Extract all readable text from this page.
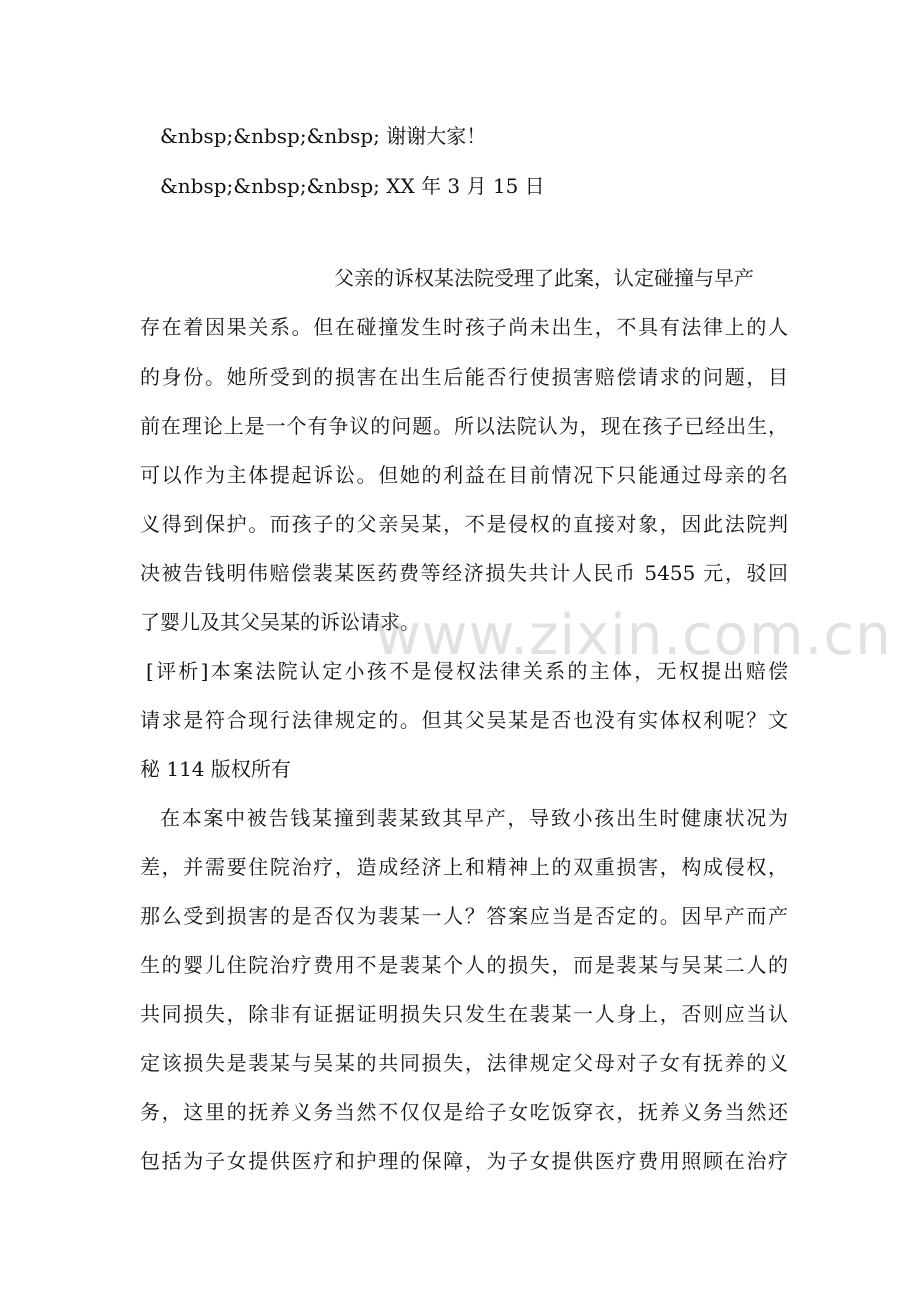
&nbsp;&nbsp;&nbsp; 谢谢大家！
&nbsp;&nbsp;&nbsp; XX 年 3 月 15 日
父亲的诉权某法院受理了此案，认定碰撞与早产
存在着因果关系。但在碰撞发生时孩子尚未出生，不具有法律上的人
的身份。她所受到的损害在出生后能否行使损害赔偿请求的问题，目
前在理论上是一个有争议的问题。所以法院认为，现在孩子已经出生，
可以作为主体提起诉讼。但她的利益在目前情况下只能通过母亲的名
义得到保护。而孩子的父亲吴某，不是侵权的直接对象，因此法院判
决被告钱明伟赔偿裴某医药费等经济损失共计人民币 5455 元，驳回
了婴儿及其父吴某的诉讼请求。
[评析]本案法院认定小孩不是侵权法律关系的主体，无权提出赔偿
请求是符合现行法律规定的。但其父吴某是否也没有实体权利呢？文
秘 114 版权所有
在本案中被告钱某撞到裴某致其早产，导致小孩出生时健康状况为
差，并需要住院治疗，造成经济上和精神上的双重损害，构成侵权，
那么受到损害的是否仅为裴某一人？答案应当是否定的。因早产而产
生的婴儿住院治疗费用不是裴某个人的损失，而是裴某与吴某二人的
共同损失，除非有证据证明损失只发生在裴某一人身上，否则应当认
定该损失是裴某与吴某的共同损失，法律规定父母对子女有抚养的义
务，这里的抚养义务当然不仅仅是给子女吃饭穿衣，抚养义务当然还
包括为子女提供医疗和护理的保障，为子女提供医疗费用照顾在治疗
www.zixin.com.cn
